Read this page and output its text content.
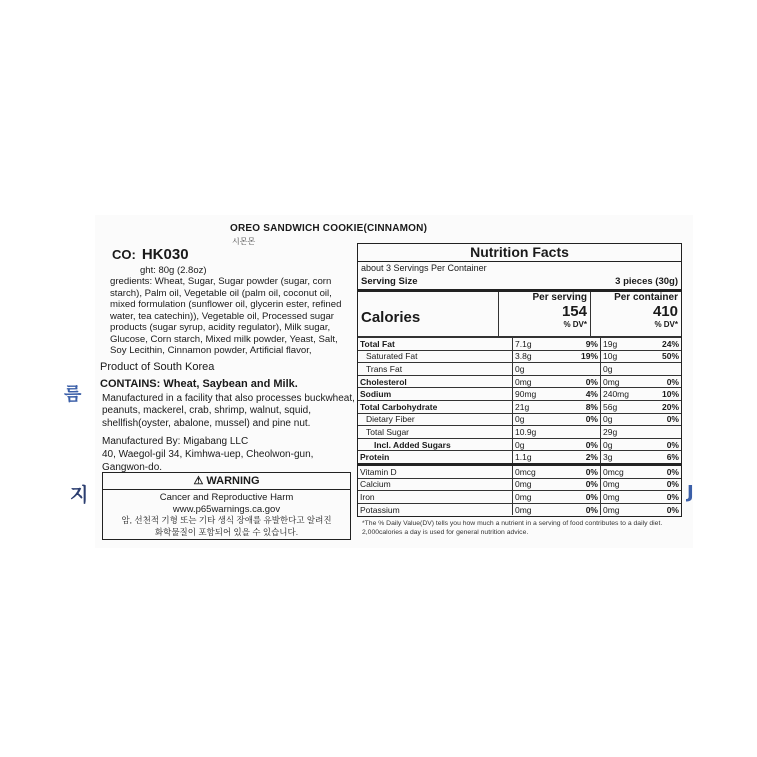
름
지	J
OREO SANDWICH COOKIE(CINNAMON)
시몬몬
CO: HK030
ght: 80g (2.8oz)
gredients: Wheat, Sugar, Sugar powder (sugar, corn starch), Palm oil, Vegetable oil (palm oil, coconut oil, mixed formulation (sunflower oil, glycerin ester, refined water, tea catechin)), Vegetable oil, Processed sugar products (sugar syrup, acidity regulator), Milk sugar, Glucose, Corn starch, Mixed milk powder, Yeast, Salt, Soy Lecithin, Cinnamon powder, Artificial flavor,
Product of South Korea
CONTAINS: Wheat, Saybean and Milk.
Manufactured in a facility that also processes buckwheat, peanuts, mackerel, crab, shrimp, walnut, squid, shellfish(oyster, abalone, mussel) and pine nut.
Manufactured By: Migabang LLC
40, Waegol-gil 34, Kimhwa-uep, Cheolwon-gun, Gangwon-do.
⚠ WARNING
Cancer and Reproductive Harm
www.p65warnings.ca.gov
암, 선천적 기형 또는 기타 생식 장애를 유발한다고 알려진
화학물질이 포함되어 있을 수 있습니다.
Nutrition Facts
about 3 Servings Per Container
Serving Size	3 pieces (30g)
Calories
Per serving
154
% DV*
Per container
410
% DV*
Total Fat	7.1g	9%	19g	24%
Saturated Fat	3.8g	19%	10g	50%
Trans Fat	0g		0g	
Cholesterol	0mg	0%	0mg	0%
Sodium	90mg	4%	240mg	10%
Total Carbohydrate	21g	8%	56g	20%
Dietary Fiber	0g	0%	0g	0%
Total Sugar	10.9g		29g	
Incl. Added Sugars	0g	0%	0g	0%
Protein	1.1g	2%	3g	6%
Vitamin D	0mcg	0%	0mcg	0%
Calcium	0mg	0%	0mg	0%
Iron	0mg	0%	0mg	0%
Potassium	0mg	0%	0mg	0%
*The % Daily Value(DV) tells you how much a nutrient in a serving of food contributes to a daily diet. 2,000calories a day is used for general nutrition advice.
